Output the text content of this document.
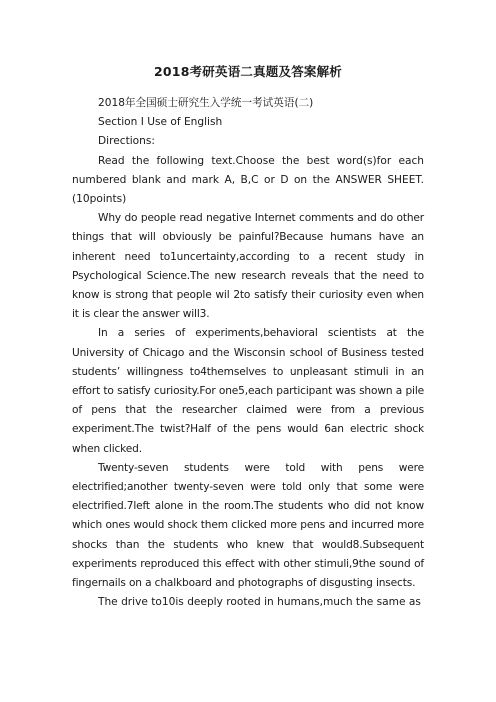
2018考研英语二真题及答案解析

2018年全国硕士研究生入学统一考试英语(二)

Section I Use of English

Directions:

Read the following text.Choose the best word(s)for each numbered blank and mark A, B,C or D on the ANSWER SHEET.(10points)

Why do people read negative Internet comments and do other things that will obviously be painful?Because humans have an inherent need to1uncertainty,according to a recent study in Psychological Science.The new research reveals that the need to know is strong that people wil 2to satisfy their curiosity even when it is clear the answer will3.

In a series of experiments,behavioral scientists at the University of Chicago and the Wisconsin school of Business tested students’ willingness to4themselves to unpleasant stimuli in an effort to satisfy curiosity.For one5,each participant was shown a pile of pens that the researcher claimed were from a previous experiment.The twist?Half of the pens would 6an electric shock when clicked.

Twenty-seven students were told with pens were electrified;another twenty-seven were told only that some were electrified.7left alone in the room.The students who did not know which ones would shock them clicked more pens and incurred more shocks than the students who knew that would8.Subsequent experiments reproduced this effect with other stimuli,9the sound of fingernails on a chalkboard and photographs of disgusting insects.

The drive to10is deeply rooted in humans,much the same as
